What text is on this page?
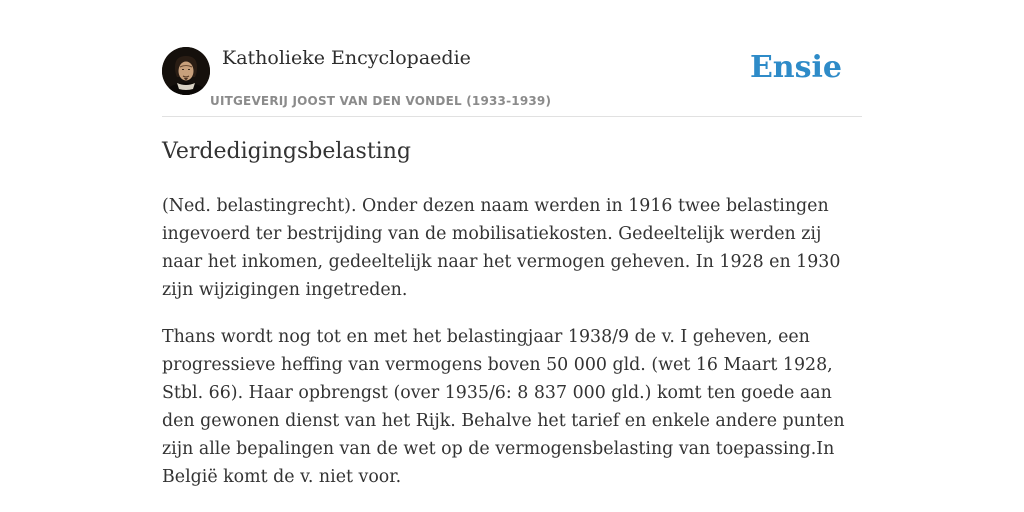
Katholieke Encyclopaedie
UITGEVERIJ JOOST VAN DEN VONDEL (1933-1939)
Ensie
Verdedigingsbelasting

(Ned. belastingrecht). Onder dezen naam werden in 1916 twee belastingen ingevoerd ter bestrijding van de mobilisatiekosten. Gedeeltelijk werden zij naar het inkomen, gedeeltelijk naar het vermogen geheven. In 1928 en 1930 zijn wijzigingen ingetreden.

Thans wordt nog tot en met het belastingjaar 1938/9 de v. I geheven, een progressieve heffing van vermogens boven 50 000 gld. (wet 16 Maart 1928, Stbl. 66). Haar opbrengst (over 1935/6: 8 837 000 gld.) komt ten goede aan den gewonen dienst van het Rijk. Behalve het tarief en enkele andere punten zijn alle bepalingen van de wet op de vermogensbelasting van toepassing.In België komt de v. niet voor.
